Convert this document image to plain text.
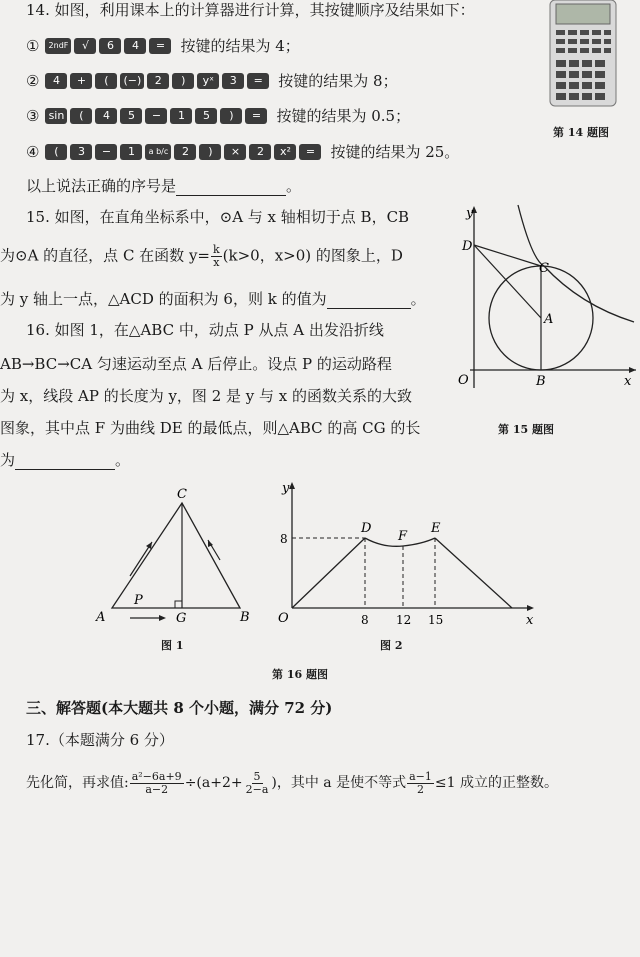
14. 如图，利用课本上的计算器进行计算，其按键顺序及结果如下：
①	2ndF	√	6	4	=	按键的结果为 4；
②	4	+	(	(−)	2	)	yˣ	3	=	按键的结果为 8；
③ sin	(	4	5	−	1	5	)	=	按键的结果为 0.5；
④	(	3	−	1	a b/c	2	)	×	2	x²	=	按键的结果为 25。
以上说法正确的序号是	。
第 14 题图
15. 如图，在直角坐标系中，⊙A 与 x 轴相切于点 B，CB
为⊙A 的直径，点 C 在函数 $y= \frac{k}{x} (k>0$，x>0) 的图象上，D
为 y 轴上一点，△ACD 的面积为 6，则 k 的值为	。
y
x
O	B
C
D
A
第 15 题图
16. 如图 1，在△ABC 中，动点 P 从点 A 出发沿折线
AB→BC→CA 匀速运动至点 A 后停止。设点 P 的运动路程
为 x，线段 AP 的长度为 y，图 2 是 y 与 x 的函数关系的大致
图象，其中点 F 为曲线 DE 的最低点，则△ABC 的高 CG 的长
为	。
C
A	B
G
P
图 1
y
x
O
8
8 12 15
D	E
F
图 2
第 16 题图
三、解答题(本大题共 8 个小题，满分 72 分)
17.（本题满分 6 分）
先化简，再求值: $\frac{\text{a²−6a+9}}{a-2} \div(a+2+ \frac{5}{2-a}$ )，其中 a 是使不等式 $\frac{a-1}{2} \le 1$ 成立的正整数。
